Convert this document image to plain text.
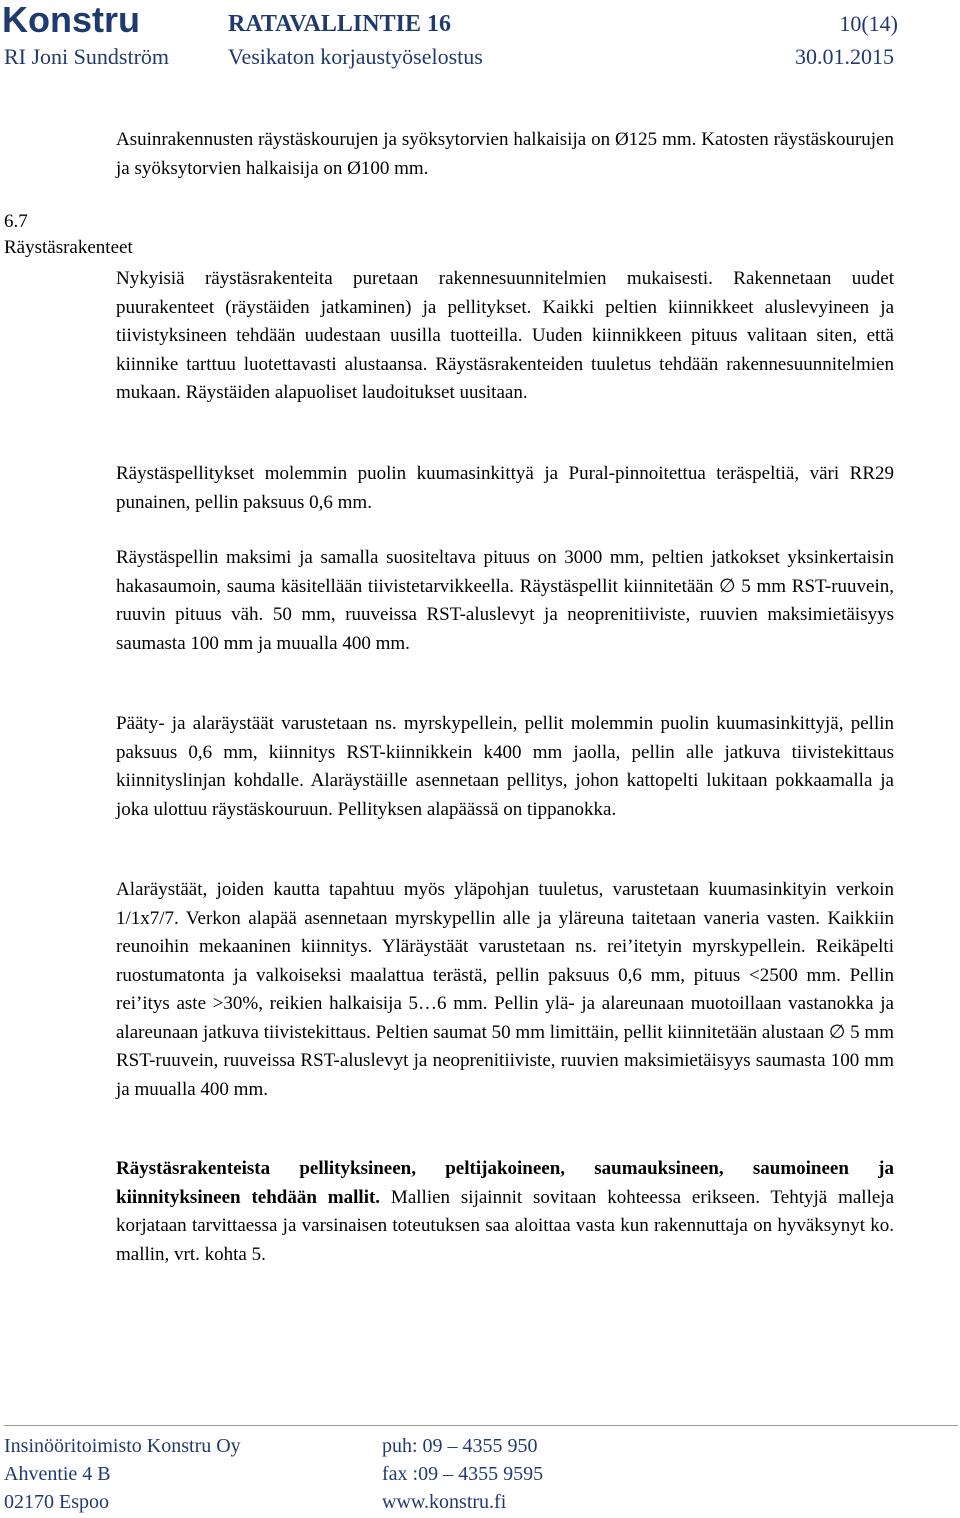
Konstru	RATAVALLINTIE 16	10(14)
RI Joni Sundström	Vesikaton korjaustyöselostus	30.01.2015

Asuinrakennusten räystäskourujen ja syöksytorvien halkaisija on Ø125 mm. Katosten räystäskourujen ja syöksytorvien halkaisija on Ø100 mm.

6.7
Räystäsrakenteet

Nykyisiä räystäsrakenteita puretaan rakennesuunnitelmien mukaisesti. Rakennetaan uudet puurakenteet (räystäiden jatkaminen) ja pellitykset. Kaikki peltien kiinnikkeet aluslevyineen ja tiivistyksineen tehdään uudestaan uusilla tuotteilla. Uuden kiinnikkeen pituus valitaan siten, että kiinnike tarttuu luotettavasti alustaansa. Räystäsrakenteiden tuuletus tehdään rakennesuunnitelmien mukaan. Räystäiden alapuoliset laudoitukset uusitaan.

Räystäspellitykset molemmin puolin kuumasinkittyä ja Pural-pinnoitettua teräspeltiä, väri RR29 punainen, pellin paksuus 0,6 mm.

Räystäspellin maksimi ja samalla suositeltava pituus on 3000 mm, peltien jatkokset yksinkertaisin hakasaumoin, sauma käsitellään tiivistetarvikkeella. Räystäspellit kiinnitetään ∅ 5 mm RST-ruuvein, ruuvin pituus väh. 50 mm, ruuveissa RST-aluslevyt ja neoprenitiiviste, ruuvien maksimietäisyys saumasta 100 mm ja muualla 400 mm.

Pääty- ja alaräystäät varustetaan ns. myrskypellein, pellit molemmin puolin kuumasinkittyjä, pellin paksuus 0,6 mm, kiinnitys RST-kiinnikkein k400 mm jaolla, pellin alle jatkuva tiivistekittaus kiinnityslinjan kohdalle. Alaräystäille asennetaan pellitys, johon kattopelti lukitaan pokkaamalla ja joka ulottuu räystäskouruun. Pellityksen alapäässä on tippanokka.

Alaräystäät, joiden kautta tapahtuu myös yläpohjan tuuletus, varustetaan kuumasinkityin verkoin 1/1x7/7. Verkon alapää asennetaan myrskypellin alle ja yläreuna taitetaan vaneria vasten. Kaikkiin reunoihin mekaaninen kiinnitys. Yläräystäät varustetaan ns. rei’itetyin myrskypellein. Reikäpelti ruostumatonta ja valkoiseksi maalattua terästä, pellin paksuus 0,6 mm, pituus <2500 mm. Pellin rei’itys aste >30%, reikien halkaisija 5…6 mm. Pellin ylä- ja alareunaan muotoillaan vastanokka ja alareunaan jatkuva tiivistekittaus. Peltien saumat 50 mm limittäin, pellit kiinnitetään alustaan ∅ 5 mm RST-ruuvein, ruuveissa RST-aluslevyt ja neoprenitiiviste, ruuvien maksimietäisyys saumasta 100 mm ja muualla 400 mm.

Räystäsrakenteista pellityksineen, peltijakoineen, saumauksineen, saumoineen ja kiinnityksineen tehdään mallit. Mallien sijainnit sovitaan kohteessa erikseen. Tehtyjä malleja korjataan tarvittaessa ja varsinaisen toteutuksen saa aloittaa vasta kun rakennuttaja on hyväksynyt ko. mallin, vrt. kohta 5.

Insinööritoimisto Konstru Oy
Ahventie 4 B
02170 Espoo
puh: 09 – 4355 950
fax :09 – 4355 9595
www.konstru.fi
